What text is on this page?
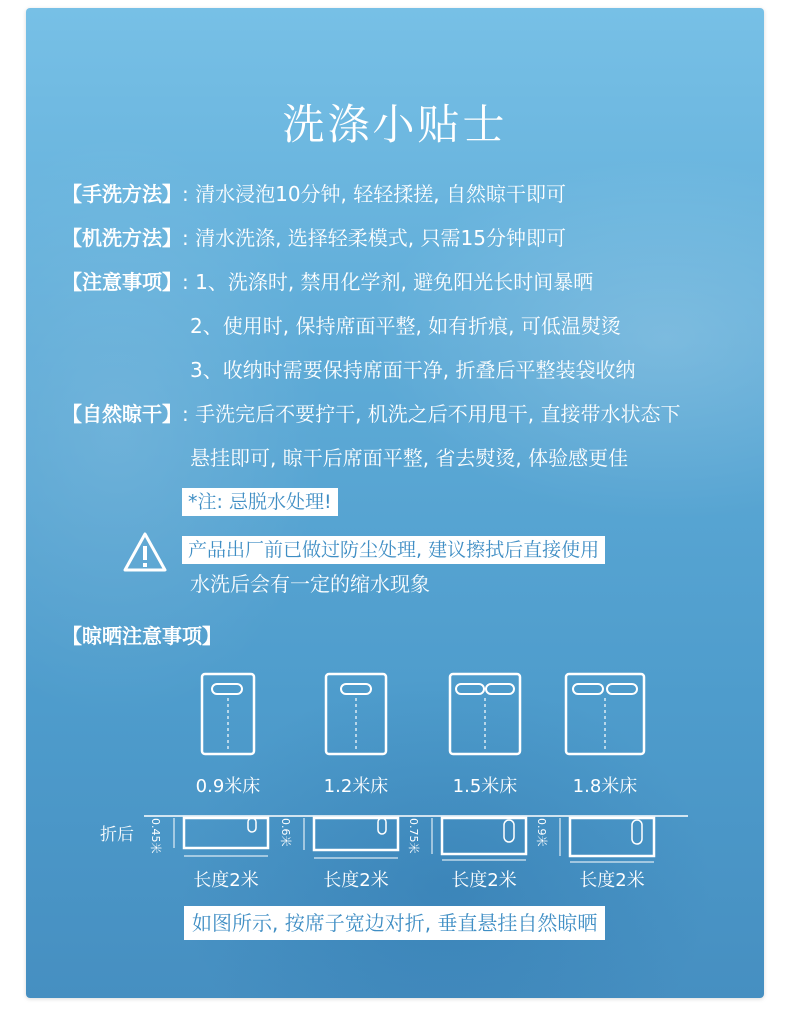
洗涤小贴士
【手洗方法】: 清水浸泡10分钟, 轻轻揉搓, 自然晾干即可
【机洗方法】: 清水洗涤, 选择轻柔模式, 只需15分钟即可
【注意事项】: 1、洗涤时, 禁用化学剂, 避免阳光长时间暴晒
2、使用时, 保持席面平整, 如有折痕, 可低温熨烫
3、收纳时需要保持席面干净, 折叠后平整装袋收纳
【自然晾干】: 手洗完后不要拧干, 机洗之后不用甩干, 直接带水状态下
悬挂即可, 晾干后席面平整, 省去熨烫, 体验感更佳
*注: 忌脱水处理!
产品出厂前已做过防尘处理, 建议擦拭后直接使用
水洗后会有一定的缩水现象
【晾晒注意事项】
0.9米床	1.2米床	1.5米床	1.8米床
折后 0.45米	0.6米	0.75米	0.9米
长度2米	长度2米	长度2米	长度2米
如图所示, 按席子宽边对折, 垂直悬挂自然晾晒
